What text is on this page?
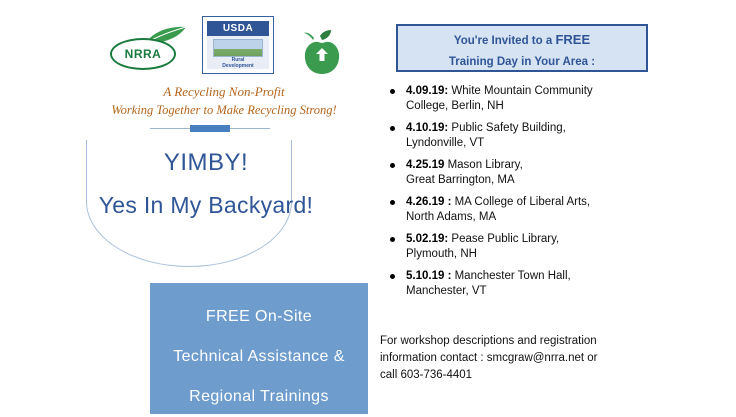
NRRA
USDA
Rural
Development
A Recycling Non-Profit
Working Together to Make Recycling Strong!
YIMBY!
Yes In My Backyard!
FREE On-Site
Technical Assistance &
Regional Trainings
You're Invited to a FREE
Training Day in Your Area :
4.09.19: White Mountain Community
College, Berlin, NH
4.10.19: Public Safety Building,
Lyndonville, VT
4.25.19 Mason Library,
Great Barrington, MA
4.26.19 : MA College of Liberal Arts,
North Adams, MA
5.02.19: Pease Public Library,
Plymouth, NH
5.10.19 : Manchester Town Hall,
Manchester, VT
For workshop descriptions and registration
information contact : smcgraw@nrra.net or
call 603-736-4401
